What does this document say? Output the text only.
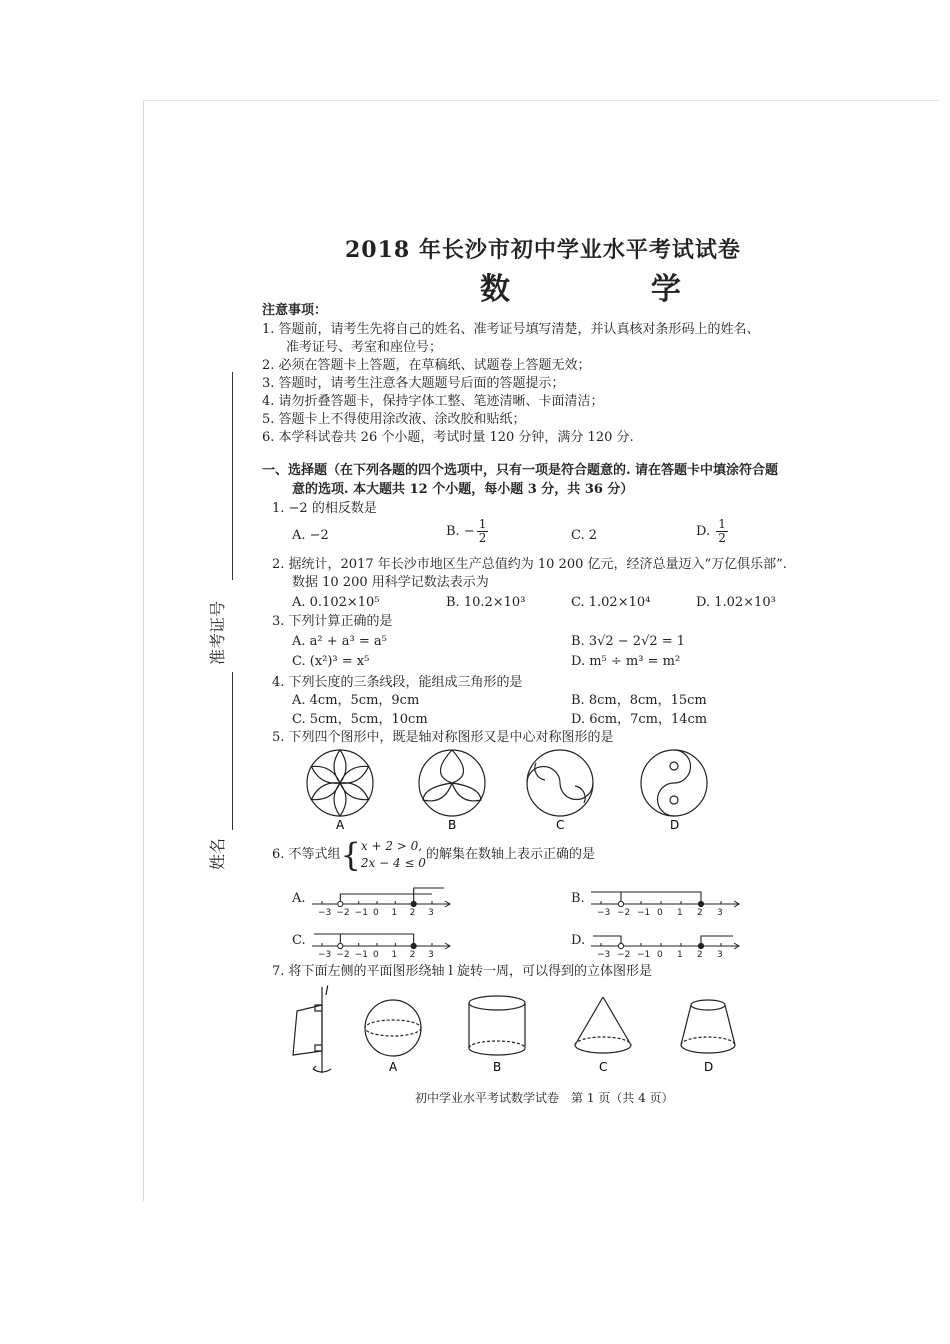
准考证号
姓名
2018 年长沙市初中学业水平考试试卷
数  学
注意事项：
1. 答题前，请考生先将自己的姓名、准考证号填写清楚，并认真核对条形码上的姓名、
准考证号、考室和座位号；
2. 必须在答题卡上答题，在草稿纸、试题卷上答题无效；
3. 答题时，请考生注意各大题题号后面的答题提示；
4. 请勿折叠答题卡，保持字体工整、笔迹清晰、卡面清洁；
5. 答题卡上不得使用涂改液、涂改胶和贴纸；
6. 本学科试卷共 26 个小题，考试时量 120 分钟，满分 120 分.
一、选择题（在下列各题的四个选项中，只有一项是符合题意的. 请在答题卡中填涂符合题
意的选项. 本大题共 12 个小题，每小题 3 分，共 36 分）
1. −2 的相反数是
A. −2	B. − $\frac{1}{2}$	C. 2	D. $\frac{1}{2}$
2. 据统计，2017 年长沙市地区生产总值约为 10 200 亿元，经济总量迈入“万亿俱乐部”.
数据 10 200 用科学记数法表示为
A. 0.102×10⁵	B. 10.2×10³	C. 1.02×10⁴	D. 1.02×10³
3. 下列计算正确的是
A. a² + a³ = a⁵	B. 3√2 − 2√2 = 1
C. (x²)³ = x⁵	D. m⁵ ÷ m³ = m²
4. 下列长度的三条线段，能组成三角形的是
A. 4cm，5cm，9cm	B. 8cm，8cm，15cm
C. 5cm，5cm，10cm	D. 6cm，7cm，14cm
5. 下列四个图形中，既是轴对称图形又是中心对称图形的是
A	B	C	D
6. 不等式组 { x + 2 > 0,
2x − 4 ≤ 0
的解集在数轴上表示正确的是
A.
−3 −2 −1 0 1 2 3
B.
−3 −2 −1 0 1 2 3
C.
−3 −2 −1 0 1 2 3
D.
−3 −2 −1 0 1 2 3
7. 将下面左侧的平面图形绕轴 l 旋转一周，可以得到的立体图形是
l
A	B	C	D
初中学业水平考试数学试卷　第 1 页（共 4 页）
